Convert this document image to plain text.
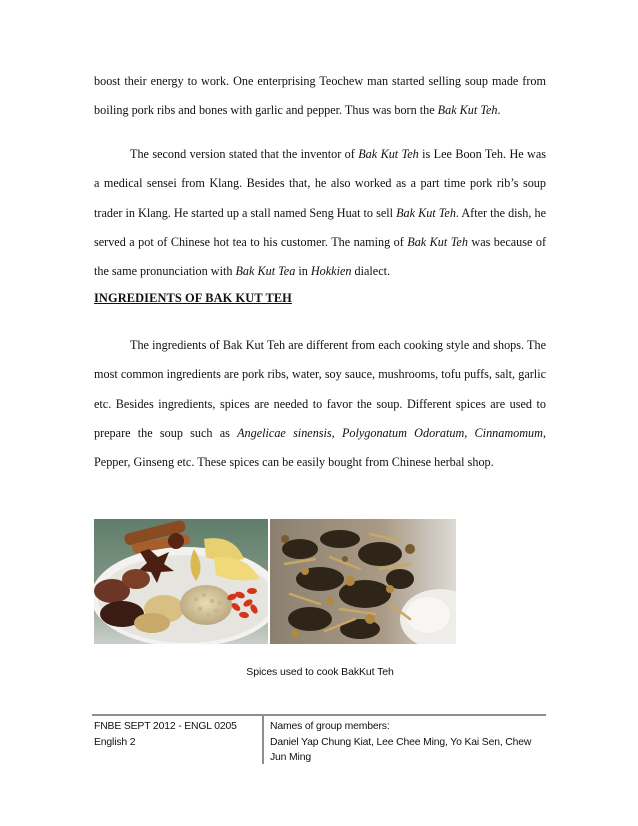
boost their energy to work. One enterprising Teochew man started selling soup made from boiling pork ribs and bones with garlic and pepper. Thus was born the Bak Kut Teh.

The second version stated that the inventor of Bak Kut Teh is Lee Boon Teh. He was a medical sensei from Klang. Besides that, he also worked as a part time pork rib’s soup trader in Klang. He started up a stall named Seng Huat to sell Bak Kut Teh. After the dish, he served a pot of Chinese hot tea to his customer. The naming of Bak Kut Teh was because of the same pronunciation with Bak Kut Tea in Hokkien dialect.

INGREDIENTS OF BAK KUT TEH

The ingredients of Bak Kut Teh are different from each cooking style and shops. The most common ingredients are pork ribs, water, soy sauce, mushrooms, tofu puffs, salt, garlic etc. Besides ingredients, spices are needed to favor the soup. Different spices are used to prepare the soup such as Angelicae sinensis, Polygonatum Odoratum, Cinnamomum, Pepper, Ginseng etc. These spices can be easily bought from Chinese herbal shop.

Spices used to cook BakKut Teh

FNBE SEPT 2012 - ENGL 0205
English 2
Names of group members:
Daniel Yap Chung Kiat, Lee Chee Ming, Yo Kai Sen, Chew
Jun Ming
